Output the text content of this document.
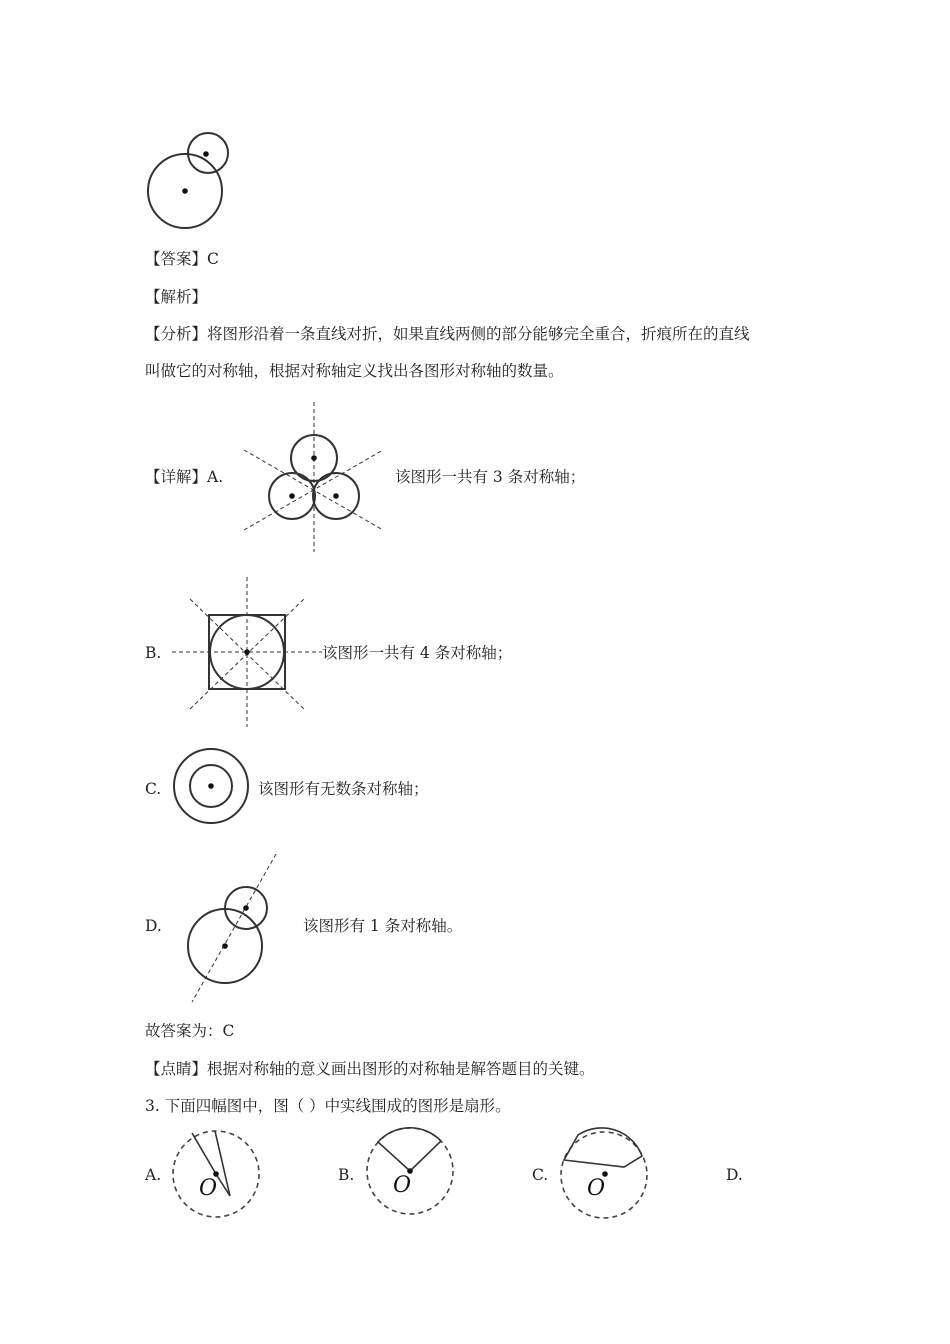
【答案】C
【解析】
【分析】将图形沿着一条直线对折，如果直线两侧的部分能够完全重合，折痕所在的直线
叫做它的对称轴，根据对称轴定义找出各图形对称轴的数量。
【详解】A.	该图形一共有 3 条对称轴；
B.	该图形一共有 4 条对称轴；
C.	该图形有无数条对称轴；
D.	该图形有 1 条对称轴。
故答案为：C
【点睛】根据对称轴的意义画出图形的对称轴是解答题目的关键。
3. 下面四幅图中，图（ ）中实线围成的图形是扇形。
A.
O
B. O	C.
O
D.
